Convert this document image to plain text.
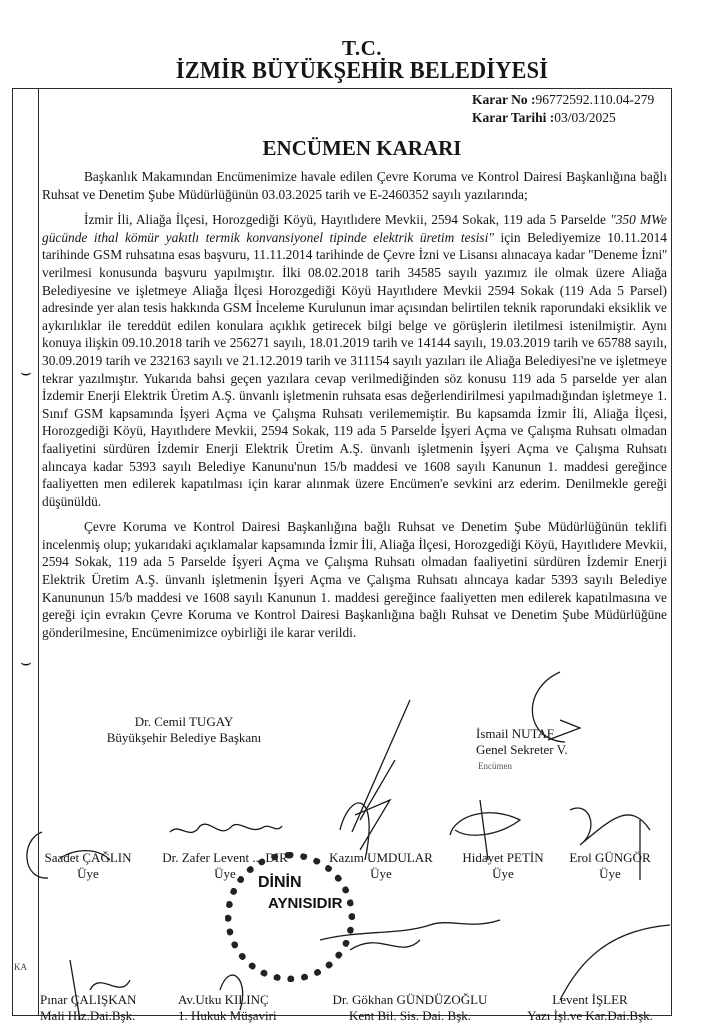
T.C.
İZMİR BÜYÜKŞEHİR BELEDİYESİ
Karar No :96772592.110.04-279
Karar Tarihi :03/03/2025
ENCÜMEN KARARI

Başkanlık Makamından Encümenimize havale edilen Çevre Koruma ve Kontrol Dairesi Başkanlığına bağlı Ruhsat ve Denetim Şube Müdürlüğünün 03.03.2025 tarih ve E-2460352 sayılı yazılarında;

İzmir İli, Aliağa İlçesi, Horozgediği Köyü, Hayıtlıdere Mevkii, 2594 Sokak, 119 ada 5 Parselde "350 MWe gücünde ithal kömür yakıtlı termik konvansiyonel tipinde elektrik üretim tesisi" için Belediyemize 10.11.2014 tarihinde GSM ruhsatına esas başvuru, 11.11.2014 tarihinde de Çevre İzni ve Lisansı alınacaya kadar ''Deneme İzni'' verilmesi konusunda başvuru yapılmıştır. İlki 08.02.2018 tarih 34585 sayılı yazımız ile olmak üzere Aliağa Belediyesine ve işletmeye Aliağa İlçesi Horozgediği Köyü Hayıtlıdere Mevkii 2594 Sokak (119 Ada 5 Parsel) adresinde yer alan tesis hakkında GSM İnceleme Kurulunun imar açısından belirtilen teknik raporundaki eksiklik ve aykırılıklar ile tereddüt edilen konulara açıklık getirecek bilgi belge ve görüşlerin iletilmesi istenilmiştir. Aynı konuya ilişkin 09.10.2018 tarih ve 256271 sayılı, 18.01.2019 tarih ve 14144 sayılı, 19.03.2019 tarih ve 65788 sayılı, 30.09.2019 tarih ve 232163 sayılı ve 21.12.2019 tarih ve 311154 sayılı yazıları ile Aliağa Belediyesi'ne ve işletmeye tekrar yazılmıştır. Yukarıda bahsi geçen yazılara cevap verilmediğinden söz konusu 119 ada 5 parselde yer alan İzdemir Enerji Elektrik Üretim A.Ş. ünvanlı işletmenin ruhsata esas değerlendirilmesi yapılmadığından işletmeye 1. Sınıf GSM kapsamında İşyeri Açma ve Çalışma Ruhsatı verilememiştir. Bu kapsamda İzmir İli, Aliağa İlçesi, Horozgediği Köyü, Hayıtlıdere Mevkii, 2594 Sokak, 119 ada 5 Parselde İşyeri Açma ve Çalışma Ruhsatı olmadan faaliyetini sürdüren İzdemir Enerji Elektrik Üretim A.Ş. ünvanlı işletmenin İşyeri Açma ve Çalışma Ruhsatı alıncaya kadar 5393 sayılı Belediye Kanunu'nun 15/b maddesi ve 1608 sayılı Kanunun 1. maddesi gereğince faaliyetten men edilerek kapatılması için karar alınmak üzere Encümen'e sevkini arz ederim. Denilmekle gereği düşünüldü.

Çevre Koruma ve Kontrol Dairesi Başkanlığına bağlı Ruhsat ve Denetim Şube Müdürlüğünün teklifi incelenmiş olup; yukarıdaki açıklamalar kapsamında İzmir İli, Aliağa İlçesi, Horozgediği Köyü, Hayıtlıdere Mevkii, 2594 Sokak, 119 ada 5 Parselde İşyeri Açma ve Çalışma Ruhsatı olmadan faaliyetini sürdüren İzdemir Enerji Elektrik Üretim A.Ş. ünvanlı işletmenin İşyeri Açma ve Çalışma Ruhsatı alıncaya kadar 5393 sayılı Belediye Kanununun 15/b maddesi ve 1608 sayılı Kanunun 1. maddesi gereğince faaliyetten men edilerek kapatılmasına ve gereği için evrakın Çevre Koruma ve Kontrol Dairesi Başkanlığına bağlı Ruhsat ve Denetim Şube Müdürlüğüne gönderilmesine, Encümenimizce oybirliği ile karar verildi.

⌣
⌣
Dr. Cemil TUGAY
Büyükşehir Belediye Başkanı	İsmail NUTAF
Genel Sekreter V.
Encümen
Saadet ÇAĞLIN
Üye
Dr. Zafer Levent ... DIR
Üye
Kazım UMDULAR
Üye
Hidayet PETİN
Üye
Erol GÜNGÖR
Üye
DİNİN
AYNISIDIR
Pınar ÇALIŞKAN
Mali Hiz.Dai.Bşk.
Av.Utku KILINÇ
1. Hukuk Müşaviri
Dr. Gökhan GÜNDÜZOĞLU
Kent Bil. Sis. Dai. Bşk.
Levent İŞLER
Yazı İşl.ve Kar.Dai.Bşk.
KA
